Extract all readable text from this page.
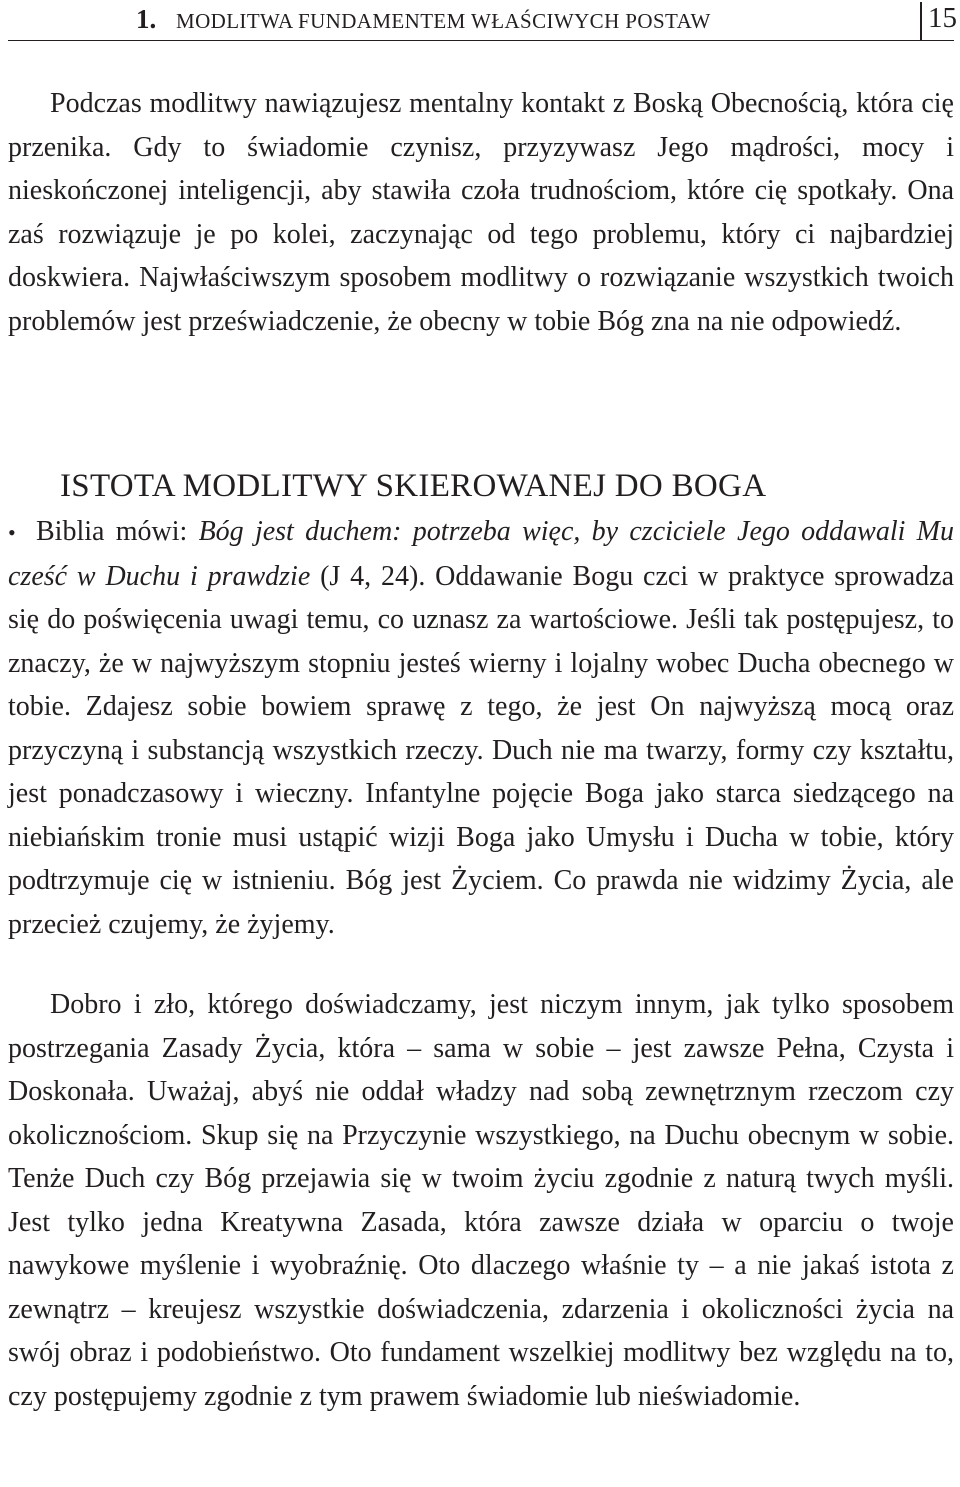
1. MODLITWA FUNDAMENTEM WŁAŚCIWYCH POSTAW	15

Podczas modlitwy nawiązujesz mentalny kontakt z Boską Obecnością, która cię przenika. Gdy to świadomie czynisz, przyzywasz Jego mądrości, mocy i nieskończonej inteligencji, aby stawiła czoła trudnościom, które cię spotkały. Ona zaś rozwiązuje je po kolei, zaczynając od tego problemu, który ci najbardziej doskwiera. Najwłaściwszym sposobem modlitwy o rozwiązanie wszystkich twoich problemów jest przeświadczenie, że obecny w tobie Bóg zna na nie odpowiedź.

ISTOTA MODLITWY SKIEROWANEJ DO BOGA

• Biblia mówi: Bóg jest duchem: potrzeba więc, by czciciele Jego oddawali Mu cześć w Duchu i prawdzie (J 4, 24). Oddawanie Bogu czci w praktyce sprowadza się do poświęcenia uwagi temu, co uznasz za wartościowe. Jeśli tak postępujesz, to znaczy, że w najwyższym stopniu jesteś wierny i lojalny wobec Ducha obecnego w tobie. Zdajesz sobie bowiem sprawę z tego, że jest On najwyższą mocą oraz przyczyną i substancją wszystkich rzeczy. Duch nie ma twarzy, formy czy kształtu, jest ponadczasowy i wieczny. Infantylne pojęcie Boga jako starca siedzącego na niebiańskim tronie musi ustąpić wizji Boga jako Umysłu i Ducha w tobie, który podtrzymuje cię w istnieniu. Bóg jest Życiem. Co prawda nie widzimy Życia, ale przecież czujemy, że żyjemy.

Dobro i zło, którego doświadczamy, jest niczym innym, jak tylko sposobem postrzegania Zasady Życia, która – sama w sobie – jest zawsze Pełna, Czysta i Doskonała. Uważaj, abyś nie oddał władzy nad sobą zewnętrznym rzeczom czy okolicznościom. Skup się na Przyczynie wszystkiego, na Duchu obecnym w sobie. Tenże Duch czy Bóg przejawia się w twoim życiu zgodnie z naturą twych myśli. Jest tylko jedna Kreatywna Zasada, która zawsze działa w oparciu o twoje nawykowe myślenie i wyobraźnię. Oto dlaczego właśnie ty – a nie jakaś istota z zewnątrz – kreujesz wszystkie doświadczenia, zdarzenia i okoliczności życia na swój obraz i podobieństwo. Oto fundament wszelkiej modlitwy bez względu na to, czy postępujemy zgodnie z tym prawem świadomie lub nieświadomie.
